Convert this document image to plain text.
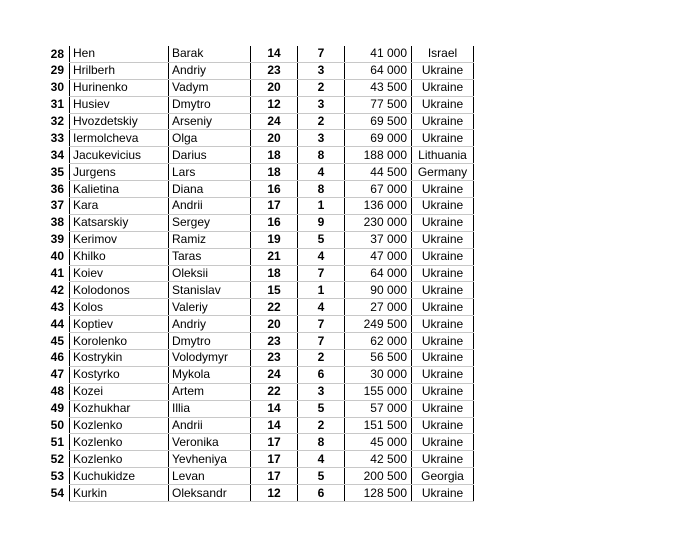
28	Hen	Barak	14	7	41 000	Israel
29	Hrilberh	Andriy	23	3	64 000	Ukraine
30	Hurinenko	Vadym	20	2	43 500	Ukraine
31	Husiev	Dmytro	12	3	77 500	Ukraine
32	Hvozdetskiy	Arseniy	24	2	69 500	Ukraine
33	Iermolcheva	Olga	20	3	69 000	Ukraine
34	Jacukevicius	Darius	18	8	188 000	Lithuania
35	Jurgens	Lars	18	4	44 500	Germany
36	Kalietina	Diana	16	8	67 000	Ukraine
37	Kara	Andrii	17	1	136 000	Ukraine
38	Katsarskiy	Sergey	16	9	230 000	Ukraine
39	Kerimov	Ramiz	19	5	37 000	Ukraine
40	Khilko	Taras	21	4	47 000	Ukraine
41	Koiev	Oleksii	18	7	64 000	Ukraine
42	Kolodonos	Stanislav	15	1	90 000	Ukraine
43	Kolos	Valeriy	22	4	27 000	Ukraine
44	Koptiev	Andriy	20	7	249 500	Ukraine
45	Korolenko	Dmytro	23	7	62 000	Ukraine
46	Kostrykin	Volodymyr	23	2	56 500	Ukraine
47	Kostyrko	Mykola	24	6	30 000	Ukraine
48	Kozei	Artem	22	3	155 000	Ukraine
49	Kozhukhar	Illia	14	5	57 000	Ukraine
50	Kozlenko	Andrii	14	2	151 500	Ukraine
51	Kozlenko	Veronika	17	8	45 000	Ukraine
52	Kozlenko	Yevheniya	17	4	42 500	Ukraine
53	Kuchukidze	Levan	17	5	200 500	Georgia
54	Kurkin	Oleksandr	12	6	128 500	Ukraine
